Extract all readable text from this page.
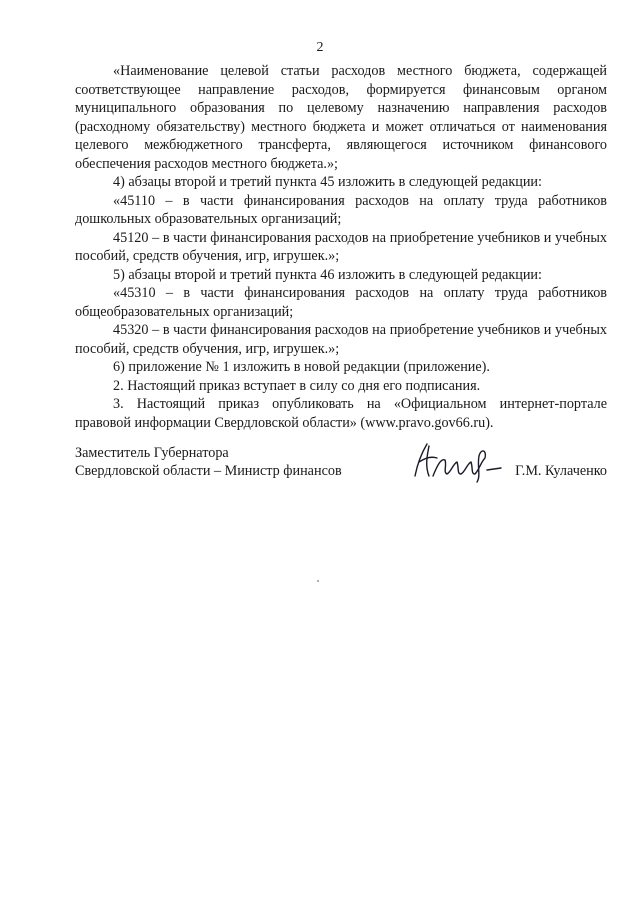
2

«Наименование целевой статьи расходов местного бюджета, содержащей соответствующее направление расходов, формируется финансовым органом муниципального образования по целевому назначению направления расходов (расходному обязательству) местного бюджета и может отличаться от наименования целевого межбюджетного трансферта, являющегося источником финансового обеспечения расходов местного бюджета.»;

4) абзацы второй и третий пункта 45 изложить в следующей редакции:

«45110 – в части финансирования расходов на оплату труда работников дошкольных образовательных организаций;

45120 – в части финансирования расходов на приобретение учебников и учебных пособий, средств обучения, игр, игрушек.»;

5) абзацы второй и третий пункта 46 изложить в следующей редакции:

«45310 – в части финансирования расходов на оплату труда работников общеобразовательных организаций;

45320 – в части финансирования расходов на приобретение учебников и учебных пособий, средств обучения, игр, игрушек.»;

6) приложение № 1 изложить в новой редакции (приложение).

2. Настоящий приказ вступает в силу со дня его подписания.

3. Настоящий приказ опубликовать на «Официальном интернет-портале правовой информации Свердловской области» (www.pravo.gov66.ru).

Заместитель Губернатора
Свердловской области – Министр финансов	Г.М. Кулаченко
